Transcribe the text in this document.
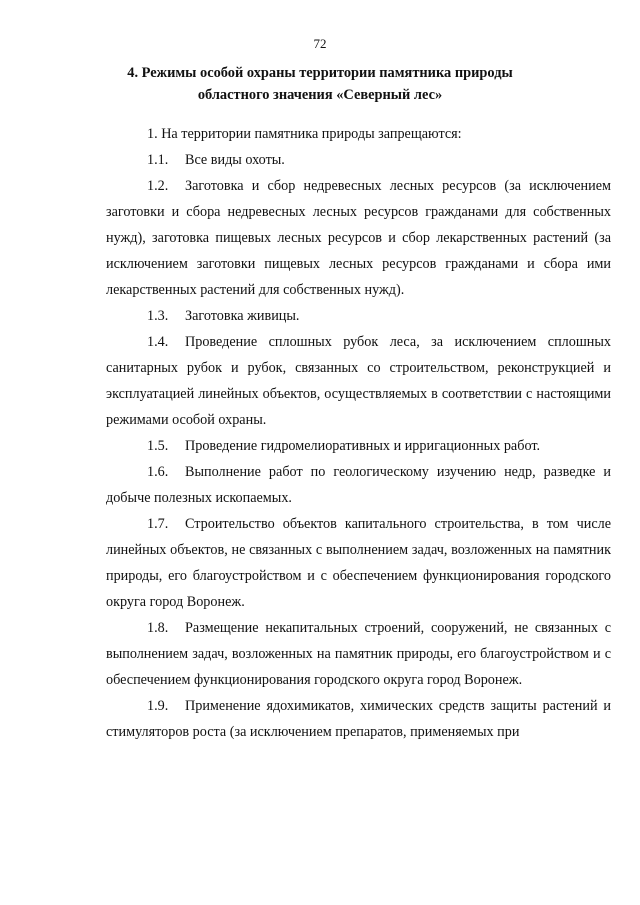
72
4. Режимы особой охраны территории памятника природы
областного значения «Северный лес»

1. На территории памятника природы запрещаются:

1.1. Все виды охоты.

1.2. Заготовка и сбор недревесных лесных ресурсов (за исключением заготовки и сбора недревесных лесных ресурсов гражданами для собственных нужд), заготовка пищевых лесных ресурсов и сбор лекарственных растений (за исключением заготовки пищевых лесных ресурсов гражданами и сбора ими лекарственных растений для собственных нужд).

1.3. Заготовка живицы.

1.4. Проведение сплошных рубок леса, за исключением сплошных санитарных рубок и рубок, связанных со строительством, реконструкцией и эксплуатацией линейных объектов, осуществляемых в соответствии с настоящими режимами особой охраны.

1.5. Проведение гидромелиоративных и ирригационных работ.

1.6. Выполнение работ по геологическому изучению недр, разведке и добыче полезных ископаемых.

1.7. Строительство объектов капитального строительства, в том числе линейных объектов, не связанных с выполнением задач, возложенных на памятник природы, его благоустройством и с обеспечением функционирования городского округа город Воронеж.

1.8. Размещение некапитальных строений, сооружений, не связанных с выполнением задач, возложенных на памятник природы, его благоустройством и с обеспечением функционирования городского округа город Воронеж.

1.9. Применение ядохимикатов, химических средств защиты растений и стимуляторов роста (за исключением препаратов, применяемых при
